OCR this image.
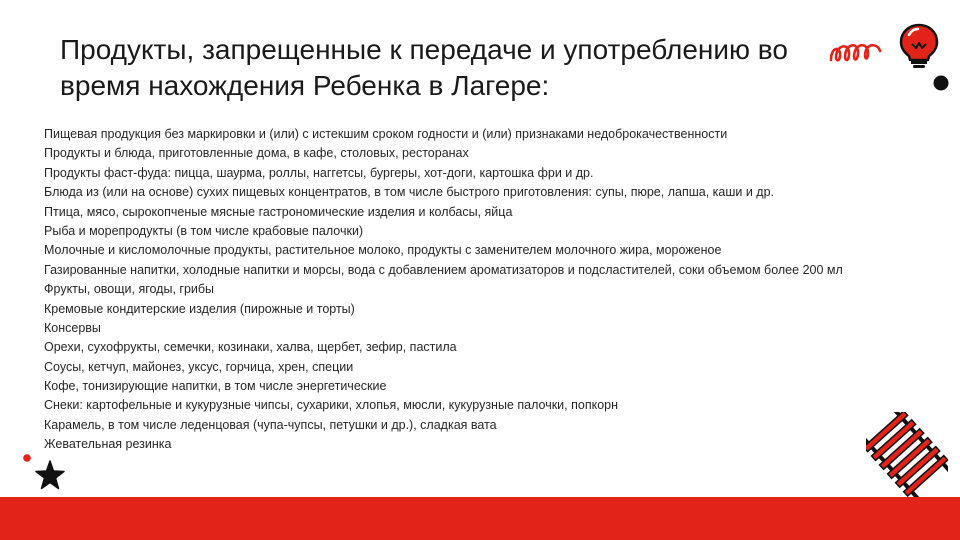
Продукты, запрещенные к передаче и употреблению во
время нахождения Ребенка в Лагере:
Пищевая продукция без маркировки и (или) с истекшим сроком годности и (или) признаками недоброкачественности
Продукты и блюда, приготовленные дома, в кафе, столовых, ресторанах
Продукты фаст-фуда: пицца, шаурма, роллы, наггетсы, бургеры, хот-доги, картошка фри и др.
Блюда из (или на основе) сухих пищевых концентратов, в том числе быстрого приготовления: супы, пюре, лапша, каши и др.
Птица, мясо, сырокопченые мясные гастрономические изделия и колбасы, яйца
Рыба и морепродукты (в том числе крабовые палочки)
Молочные и кисломолочные продукты, растительное молоко, продукты с заменителем молочного жира, мороженое
Газированные напитки, холодные напитки и морсы, вода с добавлением ароматизаторов и подсластителей, соки объемом более 200 мл
Фрукты, овощи, ягоды, грибы
Кремовые кондитерские изделия (пирожные и торты)
Консервы
Орехи, сухофрукты, семечки, козинаки, халва, щербет, зефир, пастила
Соусы, кетчуп, майонез, уксус, горчица, хрен, специи
Кофе, тонизирующие напитки, в том числе энергетические
Снеки: картофельные и кукурузные чипсы, сухарики, хлопья, мюсли, кукурузные палочки, попкорн
Карамель, в том числе леденцовая (чупа-чупсы, петушки и др.), сладкая вата
Жевательная резинка
